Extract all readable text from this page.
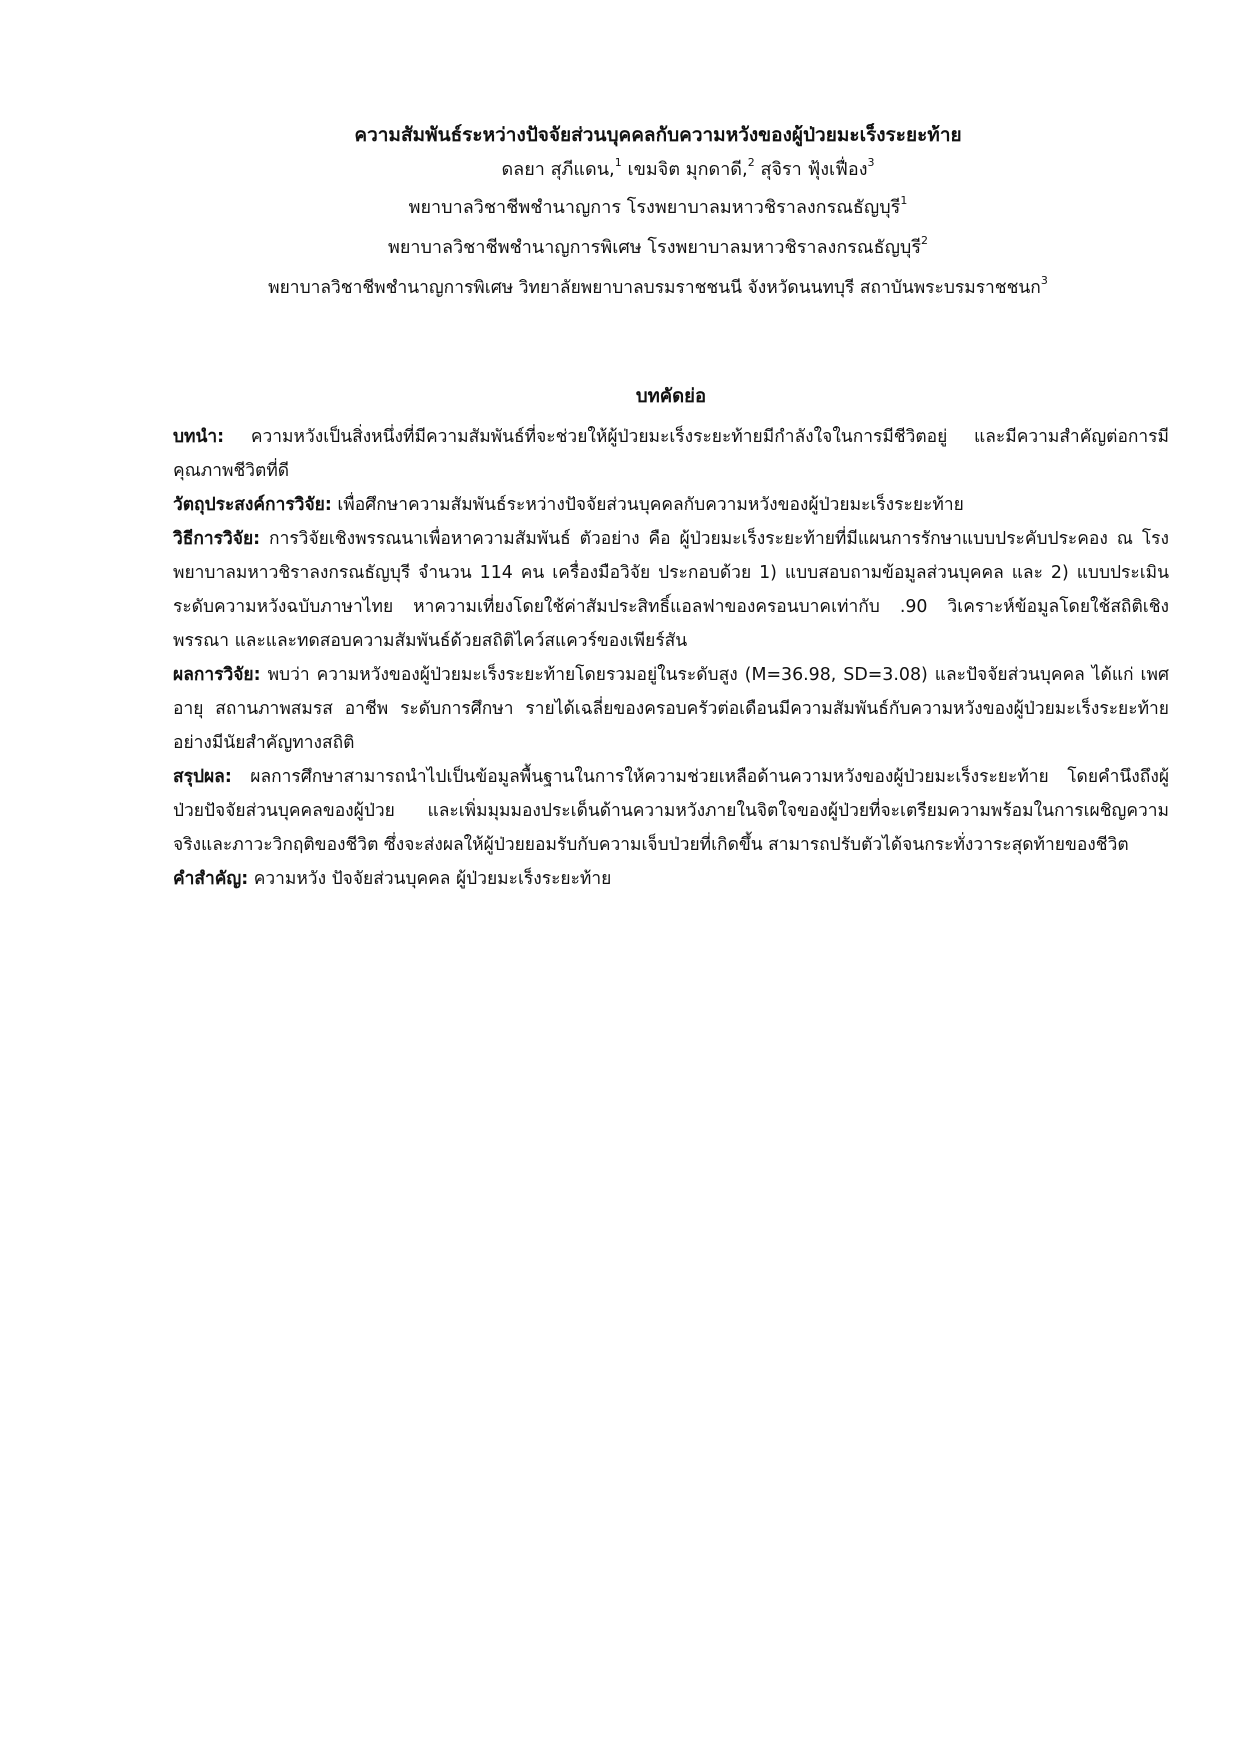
ความสัมพันธ์ระหว่างปัจจัยส่วนบุคคลกับความหวังของผู้ป่วยมะเร็งระยะท้าย
ดลยา สุภีแดน,$^1$ เขมจิต มุกดาดี,$^2$ สุจิรา ฟุ้งเฟื่อง$^3$
พยาบาลวิชาชีพชำนาญการ โรงพยาบาลมหาวชิราลงกรณธัญบุรี$^1$
พยาบาลวิชาชีพชำนาญการพิเศษ โรงพยาบาลมหาวชิราลงกรณธัญบุรี$^2$
พยาบาลวิชาชีพชำนาญการพิเศษ วิทยาลัยพยาบาลบรมราชชนนี จังหวัดนนทบุรี สถาบันพระบรมราชชนก$^3$
บทคัดย่อ

บทนำ: ความหวังเป็นสิ่งหนึ่งที่มีความสัมพันธ์ที่จะช่วยให้ผู้ป่วยมะเร็งระยะท้ายมีกำลังใจในการมีชีวิตอยู่ และมีความสำคัญต่อการมีคุณภาพชีวิตที่ดี

วัตถุประสงค์การวิจัย: เพื่อศึกษาความสัมพันธ์ระหว่างปัจจัยส่วนบุคคลกับความหวังของผู้ป่วยมะเร็งระยะท้าย

วิธีการวิจัย: การวิจัยเชิงพรรณนาเพื่อหาความสัมพันธ์ ตัวอย่าง คือ ผู้ป่วยมะเร็งระยะท้ายที่มีแผนการรักษาแบบประคับประคอง ณ โรงพยาบาลมหาวชิราลงกรณธัญบุรี จำนวน 114 คน เครื่องมือวิจัย ประกอบด้วย 1) แบบสอบถามข้อมูลส่วนบุคคล และ 2) แบบประเมินระดับความหวังฉบับภาษาไทย หาความเที่ยงโดยใช้ค่าสัมประสิทธิ์แอลฟาของครอนบาคเท่ากับ .90 วิเคราะห์ข้อมูลโดยใช้สถิติเชิงพรรณา และและทดสอบความสัมพันธ์ด้วยสถิติไคว์สแควร์ของเพียร์สัน

ผลการวิจัย: พบว่า ความหวังของผู้ป่วยมะเร็งระยะท้ายโดยรวมอยู่ในระดับสูง (M=36.98, SD=3.08) และปัจจัยส่วนบุคคล ได้แก่ เพศ อายุ สถานภาพสมรส อาชีพ ระดับการศึกษา รายได้เฉลี่ยของครอบครัวต่อเดือนมีความสัมพันธ์กับความหวังของผู้ป่วยมะเร็งระยะท้ายอย่างมีนัยสำคัญทางสถิติ

สรุปผล: ผลการศึกษาสามารถนำไปเป็นข้อมูลพื้นฐานในการให้ความช่วยเหลือด้านความหวังของผู้ป่วยมะเร็งระยะท้าย โดยคำนึงถึงผู้ป่วยปัจจัยส่วนบุคคลของผู้ป่วย และเพิ่มมุมมองประเด็นด้านความหวังภายในจิตใจของผู้ป่วยที่จะเตรียมความพร้อมในการเผชิญความจริงและภาวะวิกฤติของชีวิต ซึ่งจะส่งผลให้ผู้ป่วยยอมรับกับความเจ็บป่วยที่เกิดขึ้น สามารถปรับตัวได้จนกระทั่งวาระสุดท้ายของชีวิต

คำสำคัญ: ความหวัง ปัจจัยส่วนบุคคล ผู้ป่วยมะเร็งระยะท้าย
